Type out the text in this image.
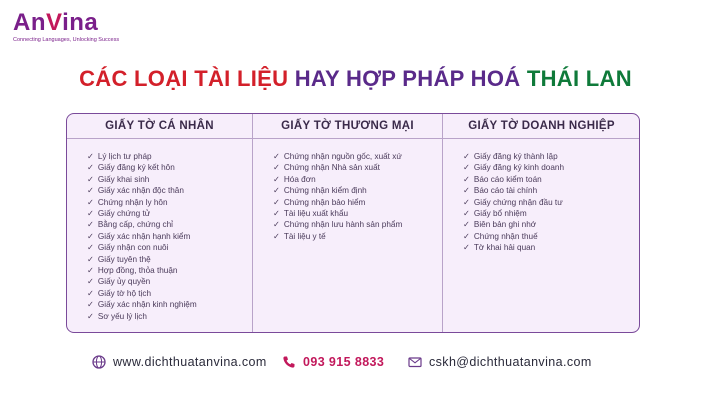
AnVina
Connecting Languages, Unlocking Success
CÁC LOẠI TÀI LIỆU HAY HỢP PHÁP HOÁ THÁI LAN
GIẤY TỜ CÁ NHÂN
✓ Lý lịch tư pháp
✓ Giấy đăng ký kết hôn
✓ Giấy khai sinh
✓ Giấy xác nhận độc thân
✓ Chứng nhận ly hôn
✓ Giấy chứng tử
✓ Bằng cấp, chứng chỉ
✓ Giấy xác nhận hạnh kiểm
✓ Giấy nhận con nuôi
✓ Giấy tuyên thệ
✓ Hợp đồng, thỏa thuận
✓ Giấy ủy quyền
✓ Giấy tờ hộ tịch
✓ Giấy xác nhận kinh nghiệm
✓ Sơ yếu lý lịch
GIẤY TỜ THƯƠNG MẠI
✓ Chứng nhận nguồn gốc, xuất xứ
✓ Chứng nhận Nhà sản xuất
✓ Hóa đơn
✓ Chứng nhận kiểm định
✓ Chứng nhận bảo hiểm
✓ Tài liệu xuất khẩu
✓ Chứng nhận lưu hành sản phẩm
✓ Tài liệu y tế
GIẤY TỜ DOANH NGHIỆP
✓ Giấy đăng ký thành lập
✓ Giấy đăng ký kinh doanh
✓ Báo cáo kiểm toán
✓ Báo cáo tài chính
✓ Giấy chứng nhận đầu tư
✓ Giấy bổ nhiệm
✓ Biên bản ghi nhớ
✓ Chứng nhận thuế
✓ Tờ khai hải quan
www.dichthuatanvina.com	093 915 8833	cskh@dichthuatanvina.com
